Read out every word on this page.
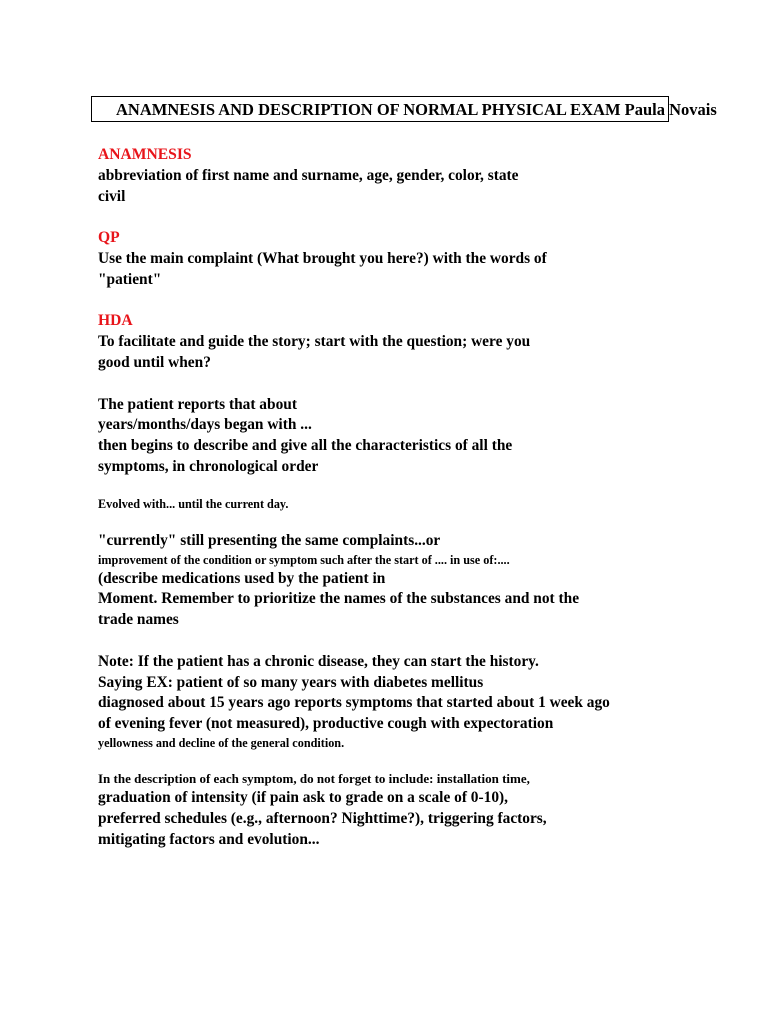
ANAMNESIS AND DESCRIPTION OF NORMAL PHYSICAL EXAM Paula Novais
ANAMNESIS
abbreviation of first name and surname, age, gender, color, state
civil
QP
Use the main complaint (What brought you here?) with the words of
"patient"
HDA
To facilitate and guide the story; start with the question; were you
good until when?
The patient reports that about
years/months/days began with ...
then begins to describe and give all the characteristics of all the
symptoms, in chronological order
Evolved with... until the current day.
"currently" still presenting the same complaints...or
improvement of the condition or symptom such after the start of .... in use of:....
(describe medications used by the patient in
Moment. Remember to prioritize the names of the substances and not the
trade names
Note: If the patient has a chronic disease, they can start the history.
Saying EX: patient of so many years with diabetes mellitus
diagnosed about 15 years ago reports symptoms that started about 1 week ago
of evening fever (not measured), productive cough with expectoration
yellowness and decline of the general condition.
In the description of each symptom, do not forget to include: installation time,
graduation of intensity (if pain ask to grade on a scale of 0-10),
preferred schedules (e.g., afternoon? Nighttime?), triggering factors,
mitigating factors and evolution...
